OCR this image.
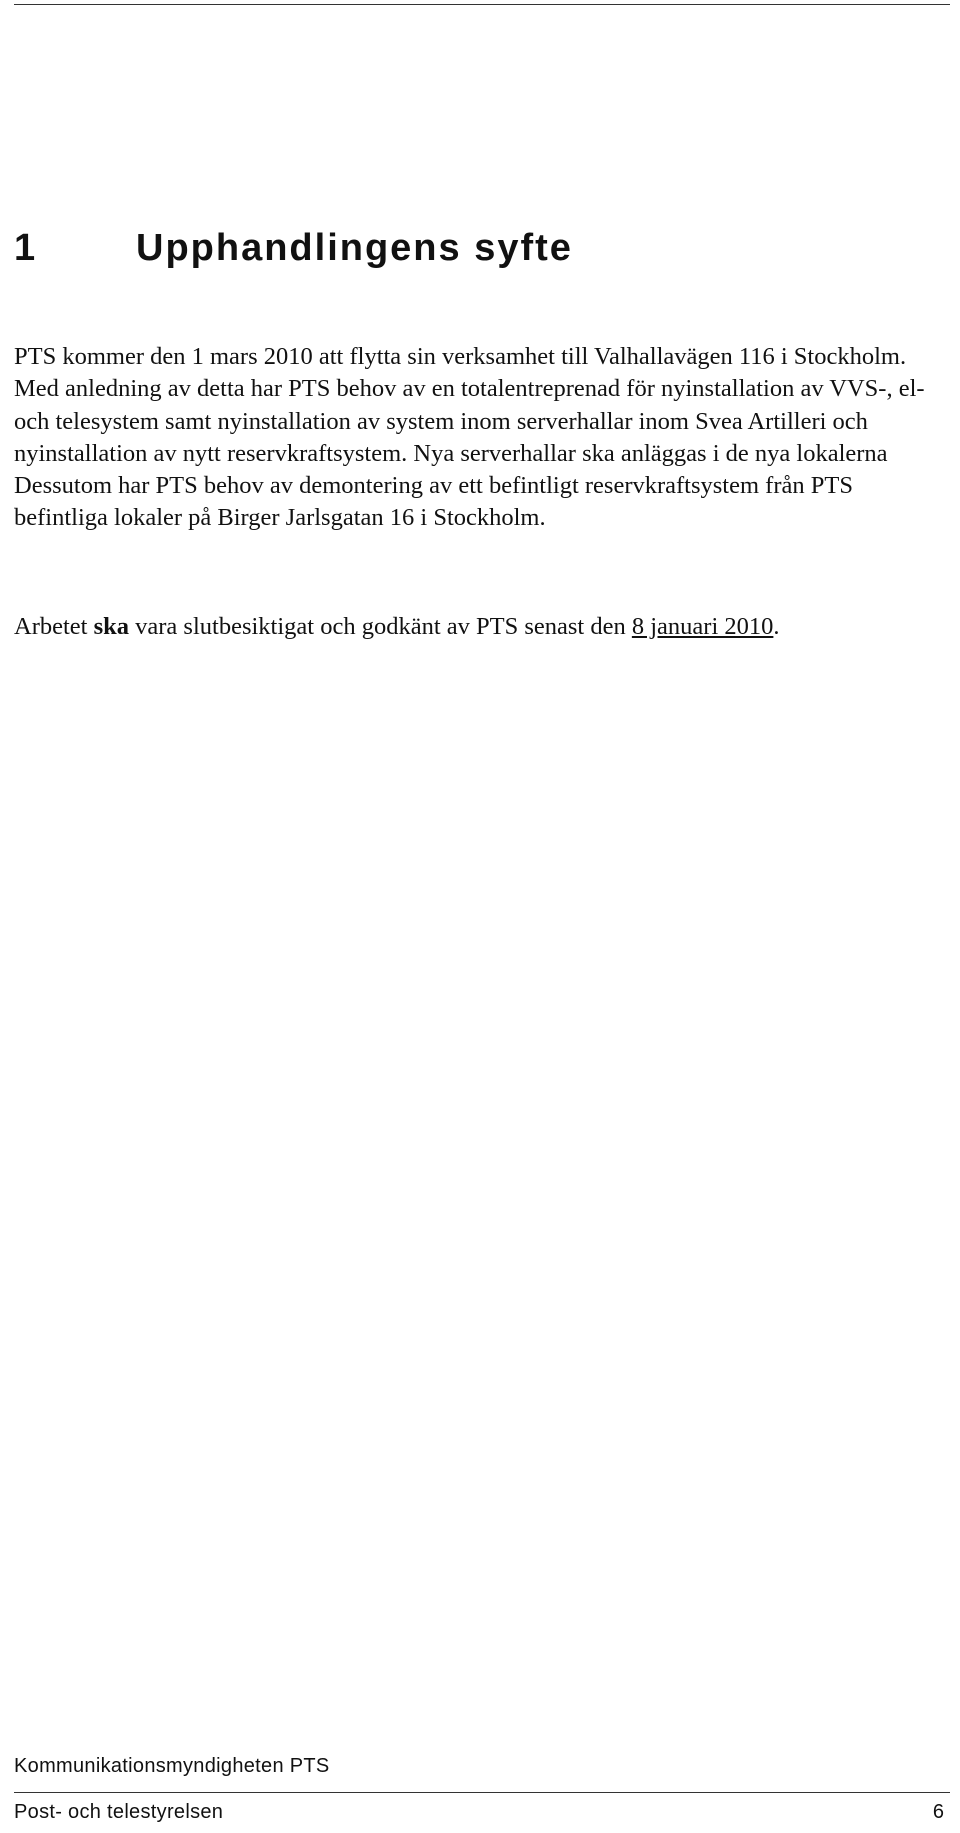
1	Upphandlingens syfte

PTS kommer den 1 mars 2010 att flytta sin verksamhet till Valhallavägen 116 i Stockholm. Med anledning av detta har PTS behov av en totalentreprenad för nyinstallation av VVS-, el- och telesystem samt nyinstallation av system inom serverhallar inom Svea Artilleri och nyinstallation av nytt reservkraftsystem. Nya serverhallar ska anläggas i de nya lokalerna Dessutom har PTS behov av demontering av ett befintligt reservkraftsystem från PTS befintliga lokaler på Birger Jarlsgatan 16 i Stockholm.

Arbetet ska vara slutbesiktigat och godkänt av PTS senast den 8 januari 2010.

Kommunikationsmyndigheten PTS
Post- och telestyrelsen	6
